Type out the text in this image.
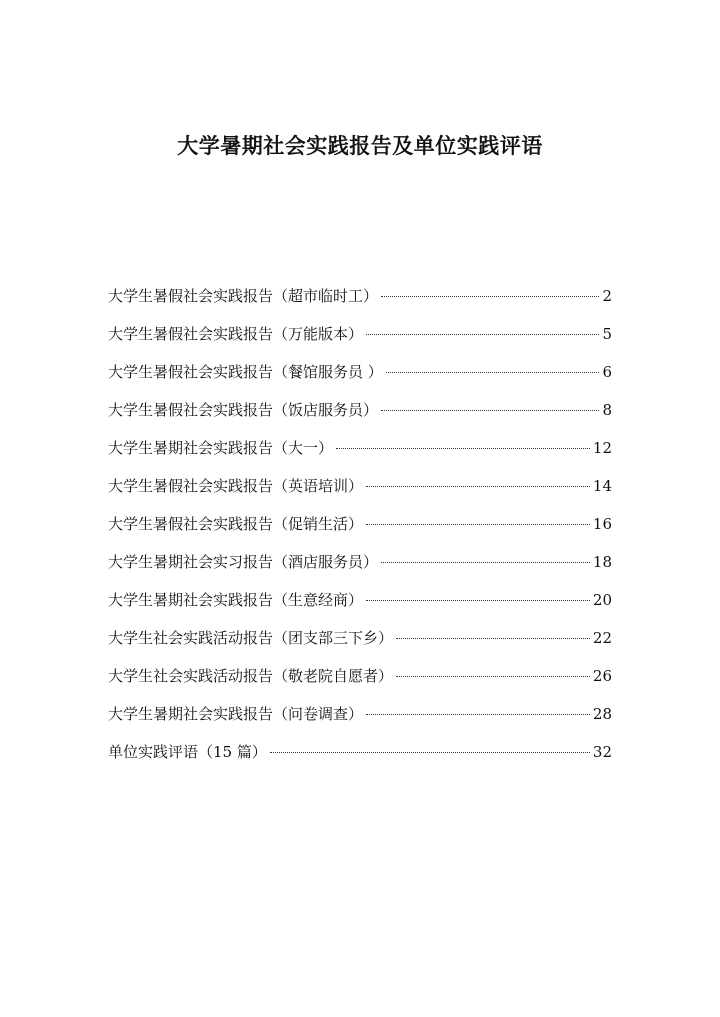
大学暑期社会实践报告及单位实践评语
大学生暑假社会实践报告（超市临时工）	2
大学生暑假社会实践报告（万能版本）	5
大学生暑假社会实践报告（餐馆服务员 ）	6
大学生暑假社会实践报告（饭店服务员）	8
大学生暑期社会实践报告（大一）	12
大学生暑假社会实践报告（英语培训）	14
大学生暑假社会实践报告（促销生活）	16
大学生暑期社会实习报告（酒店服务员）	18
大学生暑期社会实践报告（生意经商）	20
大学生社会实践活动报告（团支部三下乡）	22
大学生社会实践活动报告（敬老院自愿者）	26
大学生暑期社会实践报告（问卷调查）	28
单位实践评语（15 篇）	32
